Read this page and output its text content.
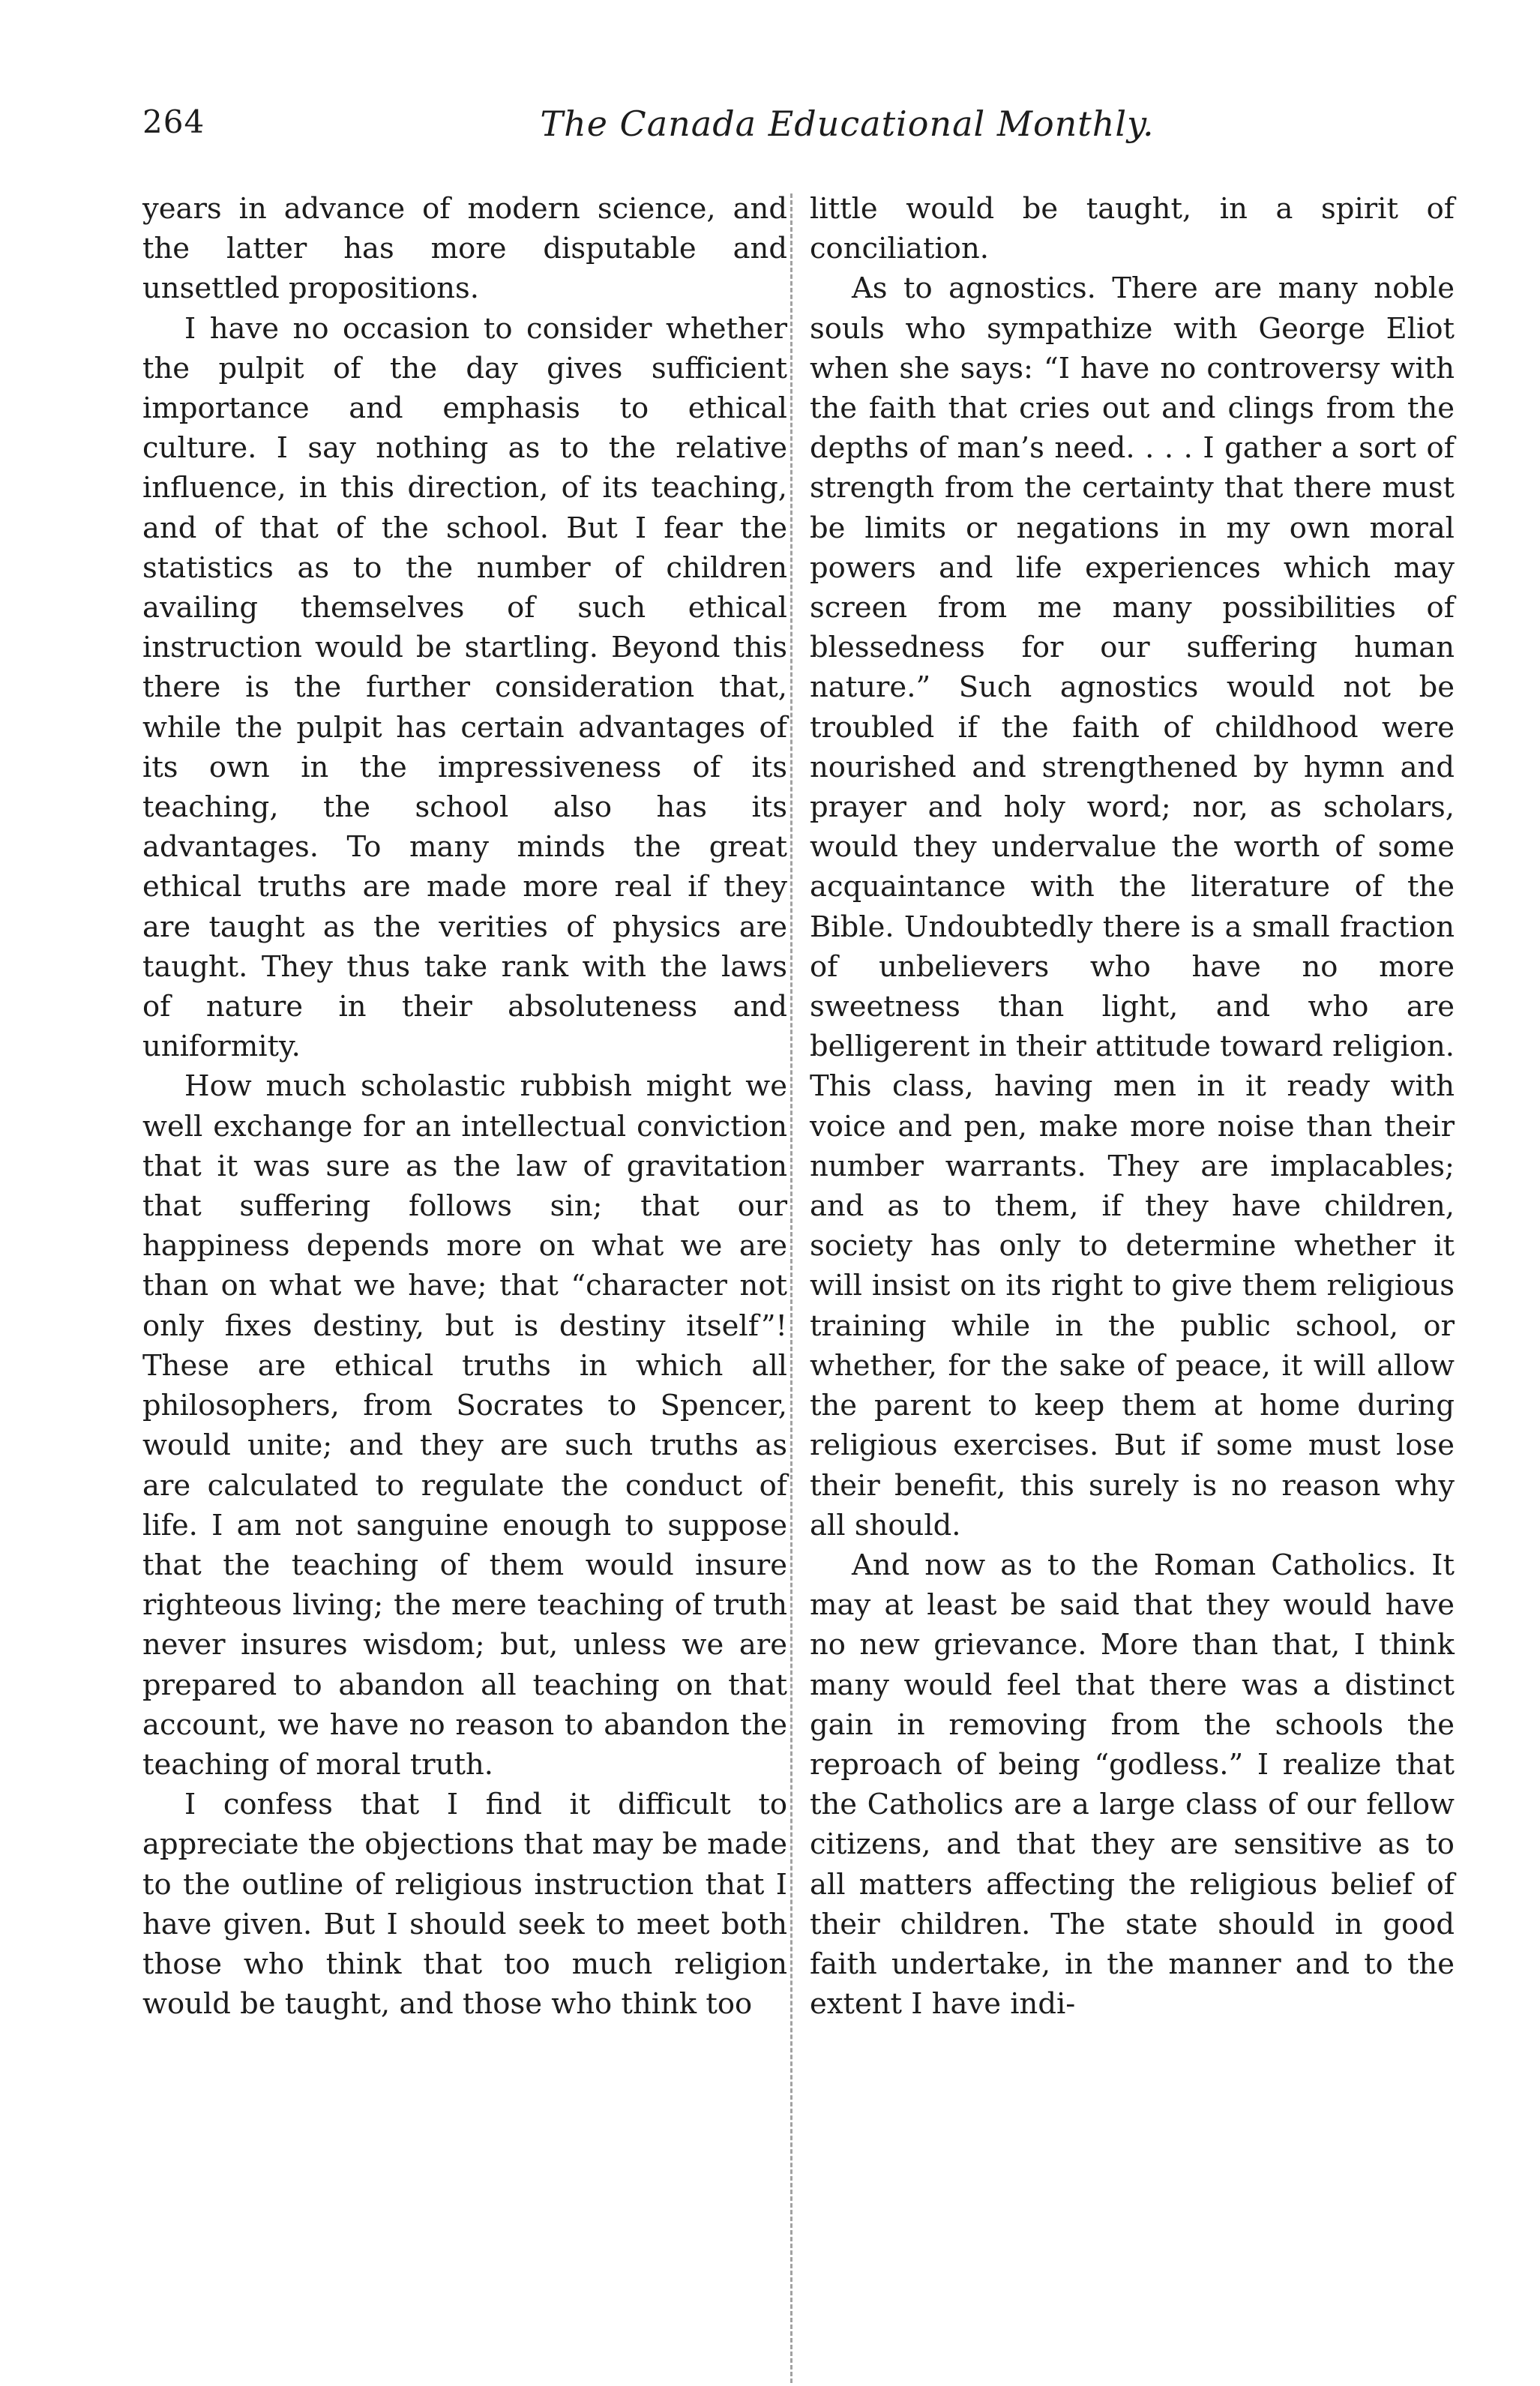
264	The Canada Educational Monthly.

years in advance of modern science, and the latter has more disputable and unsettled propositions.

I have no occasion to consider whether the pulpit of the day gives sufficient importance and emphasis to ethical culture. I say nothing as to the relative influence, in this direction, of its teaching, and of that of the school. But I fear the statistics as to the number of children availing themselves of such ethical instruction would be startling. Beyond this there is the further consideration that, while the pulpit has certain advantages of its own in the impressiveness of its teaching, the school also has its advantages. To many minds the great ethical truths are made more real if they are taught as the verities of physics are taught. They thus take rank with the laws of nature in their absoluteness and uniformity.

How much scholastic rubbish might we well exchange for an intellectual conviction that it was sure as the law of gravitation that suffering follows sin; that our happiness depends more on what we are than on what we have; that “character not only fixes destiny, but is destiny itself”! These are ethical truths in which all philosophers, from Socrates to Spencer, would unite; and they are such truths as are calculated to regulate the conduct of life. I am not sanguine enough to suppose that the teaching of them would insure righteous living; the mere teaching of truth never insures wisdom; but, unless we are prepared to abandon all teaching on that account, we have no reason to abandon the teaching of moral truth.

I confess that I find it difficult to appreciate the objections that may be made to the outline of religious instruction that I have given. But I should seek to meet both those who think that too much religion would be taught, and those who think too

little would be taught, in a spirit of conciliation.

As to agnostics. There are many noble souls who sympathize with George Eliot when she says: “I have no controversy with the faith that cries out and clings from the depths of man’s need. . . . I gather a sort of strength from the certainty that there must be limits or negations in my own moral powers and life experiences which may screen from me many possibilities of blessedness for our suffering human nature.” Such agnostics would not be troubled if the faith of childhood were nourished and strengthened by hymn and prayer and holy word; nor, as scholars, would they undervalue the worth of some acquaintance with the literature of the Bible. Undoubtedly there is a small fraction of unbelievers who have no more sweetness than light, and who are belligerent in their attitude toward religion. This class, having men in it ready with voice and pen, make more noise than their number warrants. They are implacables; and as to them, if they have children, society has only to determine whether it will insist on its right to give them religious training while in the public school, or whether, for the sake of peace, it will allow the parent to keep them at home during religious exercises. But if some must lose their benefit, this surely is no reason why all should.

And now as to the Roman Catholics. It may at least be said that they would have no new grievance. More than that, I think many would feel that there was a distinct gain in removing from the schools the reproach of being “godless.” I realize that the Catholics are a large class of our fellow citizens, and that they are sensitive as to all matters affecting the religious belief of their children. The state should in good faith undertake, in the manner and to the extent I have indi-
